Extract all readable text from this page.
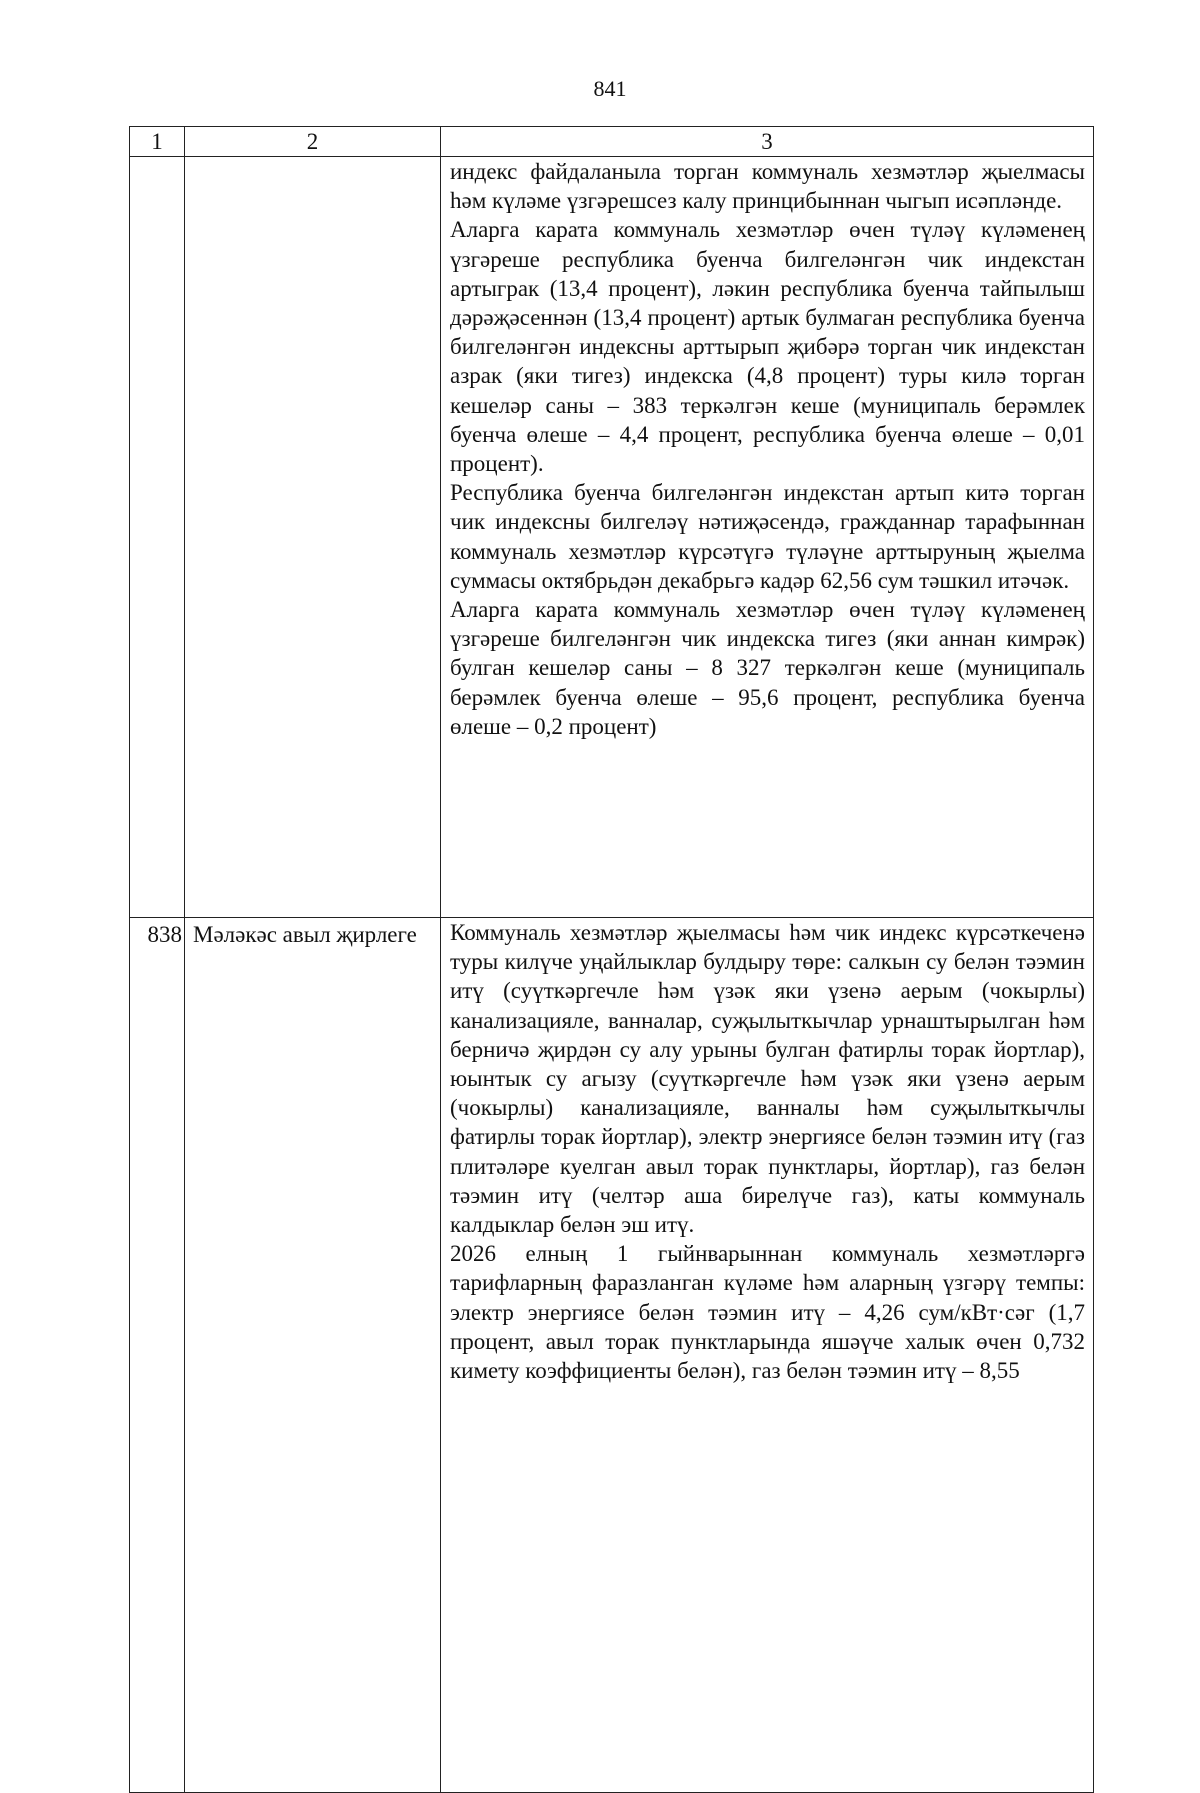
841
1	2	3

		индекс файдаланыла торган коммуналь хезмәтләр җыелмасы һәм күләме үзгәрешсез калу принцибыннан чыгып исәпләнде.

Аларга карата коммуналь хезмәтләр өчен түләү күләменең үзгәреше республика буенча билгеләнгән чик индекстан артыграк (13,4 процент), ләкин республика буенча тайпылыш дәрәҗәсеннән (13,4 процент) артык булмаган республика буенча билгеләнгән индексны арттырып җибәрә торган чик индекстан азрак (яки тигез) индекска (4,8 процент) туры килә торган кешеләр саны – 383 теркәлгән кеше (муниципаль берәмлек буенча өлеше – 4,4 процент, республика буенча өлеше – 0,01 процент).

Республика буенча билгеләнгән индекстан артып китә торган чик индексны билгеләү нәтиҗәсендә, гражданнар тарафыннан коммуналь хезмәтләр күрсәтүгә түләүне арттыруның җыелма суммасы октябрьдән декабрьгә кадәр 62,56 сум тәшкил итәчәк.

Аларга карата коммуналь хезмәтләр өчен түләү күләменең үзгәреше билгеләнгән чик индекска тигез (яки аннан кимрәк) булган кешеләр саны – 8 327 теркәлгән кеше (муниципаль берәмлек буенча өлеше – 95,6 процент, республика буенча өлеше – 0,2 процент)

838	Мәләкәс авыл җирлеге	Коммуналь хезмәтләр җыелмасы һәм чик индекс күрсәткеченә туры килүче уңайлыклар булдыру төре: салкын су белән тәэмин итү (суүткәргечле һәм үзәк яки үзенә аерым (чокырлы) канализацияле, ванналар, суҗылыткычлар урнаштырылган һәм берничә җирдән су алу урыны булган фатирлы торак йортлар), юынтык су агызу (суүткәргечле һәм үзәк яки үзенә аерым (чокырлы) канализацияле, ванналы һәм суҗылыткычлы фатирлы торак йортлар), электр энергиясе белән тәэмин итү (газ плитәләре куелган авыл торак пунктлары, йортлар), газ белән тәэмин итү (челтәр аша бирелүче газ), каты коммуналь калдыклар белән эш итү.

2026 елның 1 гыйнварыннан коммуналь хезмәтләргә тарифларның фаразланган күләме һәм аларның үзгәрү темпы: электр энергиясе белән тәэмин итү – 4,26 сум/кВт·сәг (1,7 процент, авыл торак пунктларында яшәүче халык өчен 0,732 кимету коэффициенты белән), газ белән тәэмин итү – 8,55
